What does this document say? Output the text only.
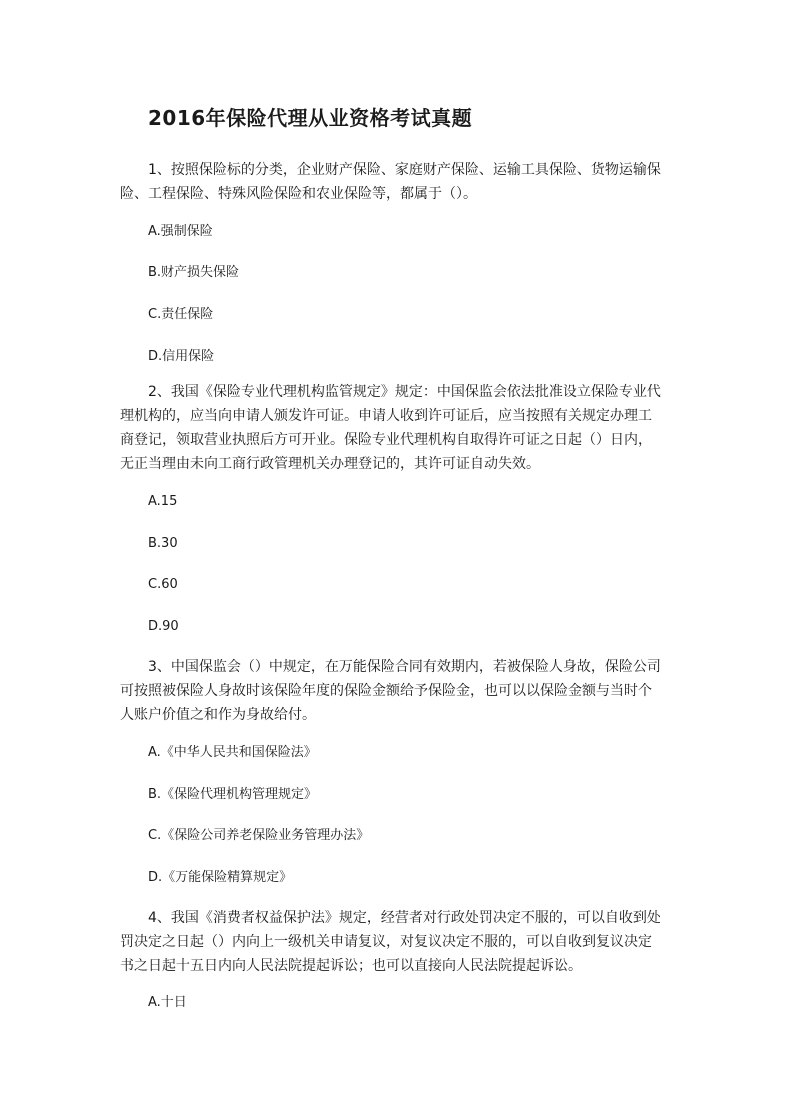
2016年保险代理从业资格考试真题
1、按照保险标的分类，企业财产保险、家庭财产保险、运输工具保险、货物运输保险、工程保险、特殊风险保险和农业保险等，都属于（）。
A.强制保险
B.财产损失保险
C.责任保险
D.信用保险
2、我国《保险专业代理机构监管规定》规定：中国保监会依法批准设立保险专业代理机构的，应当向申请人颁发许可证。申请人收到许可证后，应当按照有关规定办理工商登记，领取营业执照后方可开业。保险专业代理机构自取得许可证之日起（）日内，无正当理由未向工商行政管理机关办理登记的，其许可证自动失效。
A.15
B.30
C.60
D.90
3、中国保监会（）中规定，在万能保险合同有效期内，若被保险人身故，保险公司可按照被保险人身故时该保险年度的保险金额给予保险金，也可以以保险金额与当时个人账户价值之和作为身故给付。
A.《中华人民共和国保险法》
B.《保险代理机构管理规定》
C.《保险公司养老保险业务管理办法》
D.《万能保险精算规定》
4、我国《消费者权益保护法》规定，经营者对行政处罚决定不服的，可以自收到处罚决定之日起（）内向上一级机关申请复议，对复议决定不服的，可以自收到复议决定书之日起十五日内向人民法院提起诉讼；也可以直接向人民法院提起诉讼。
A.十日
